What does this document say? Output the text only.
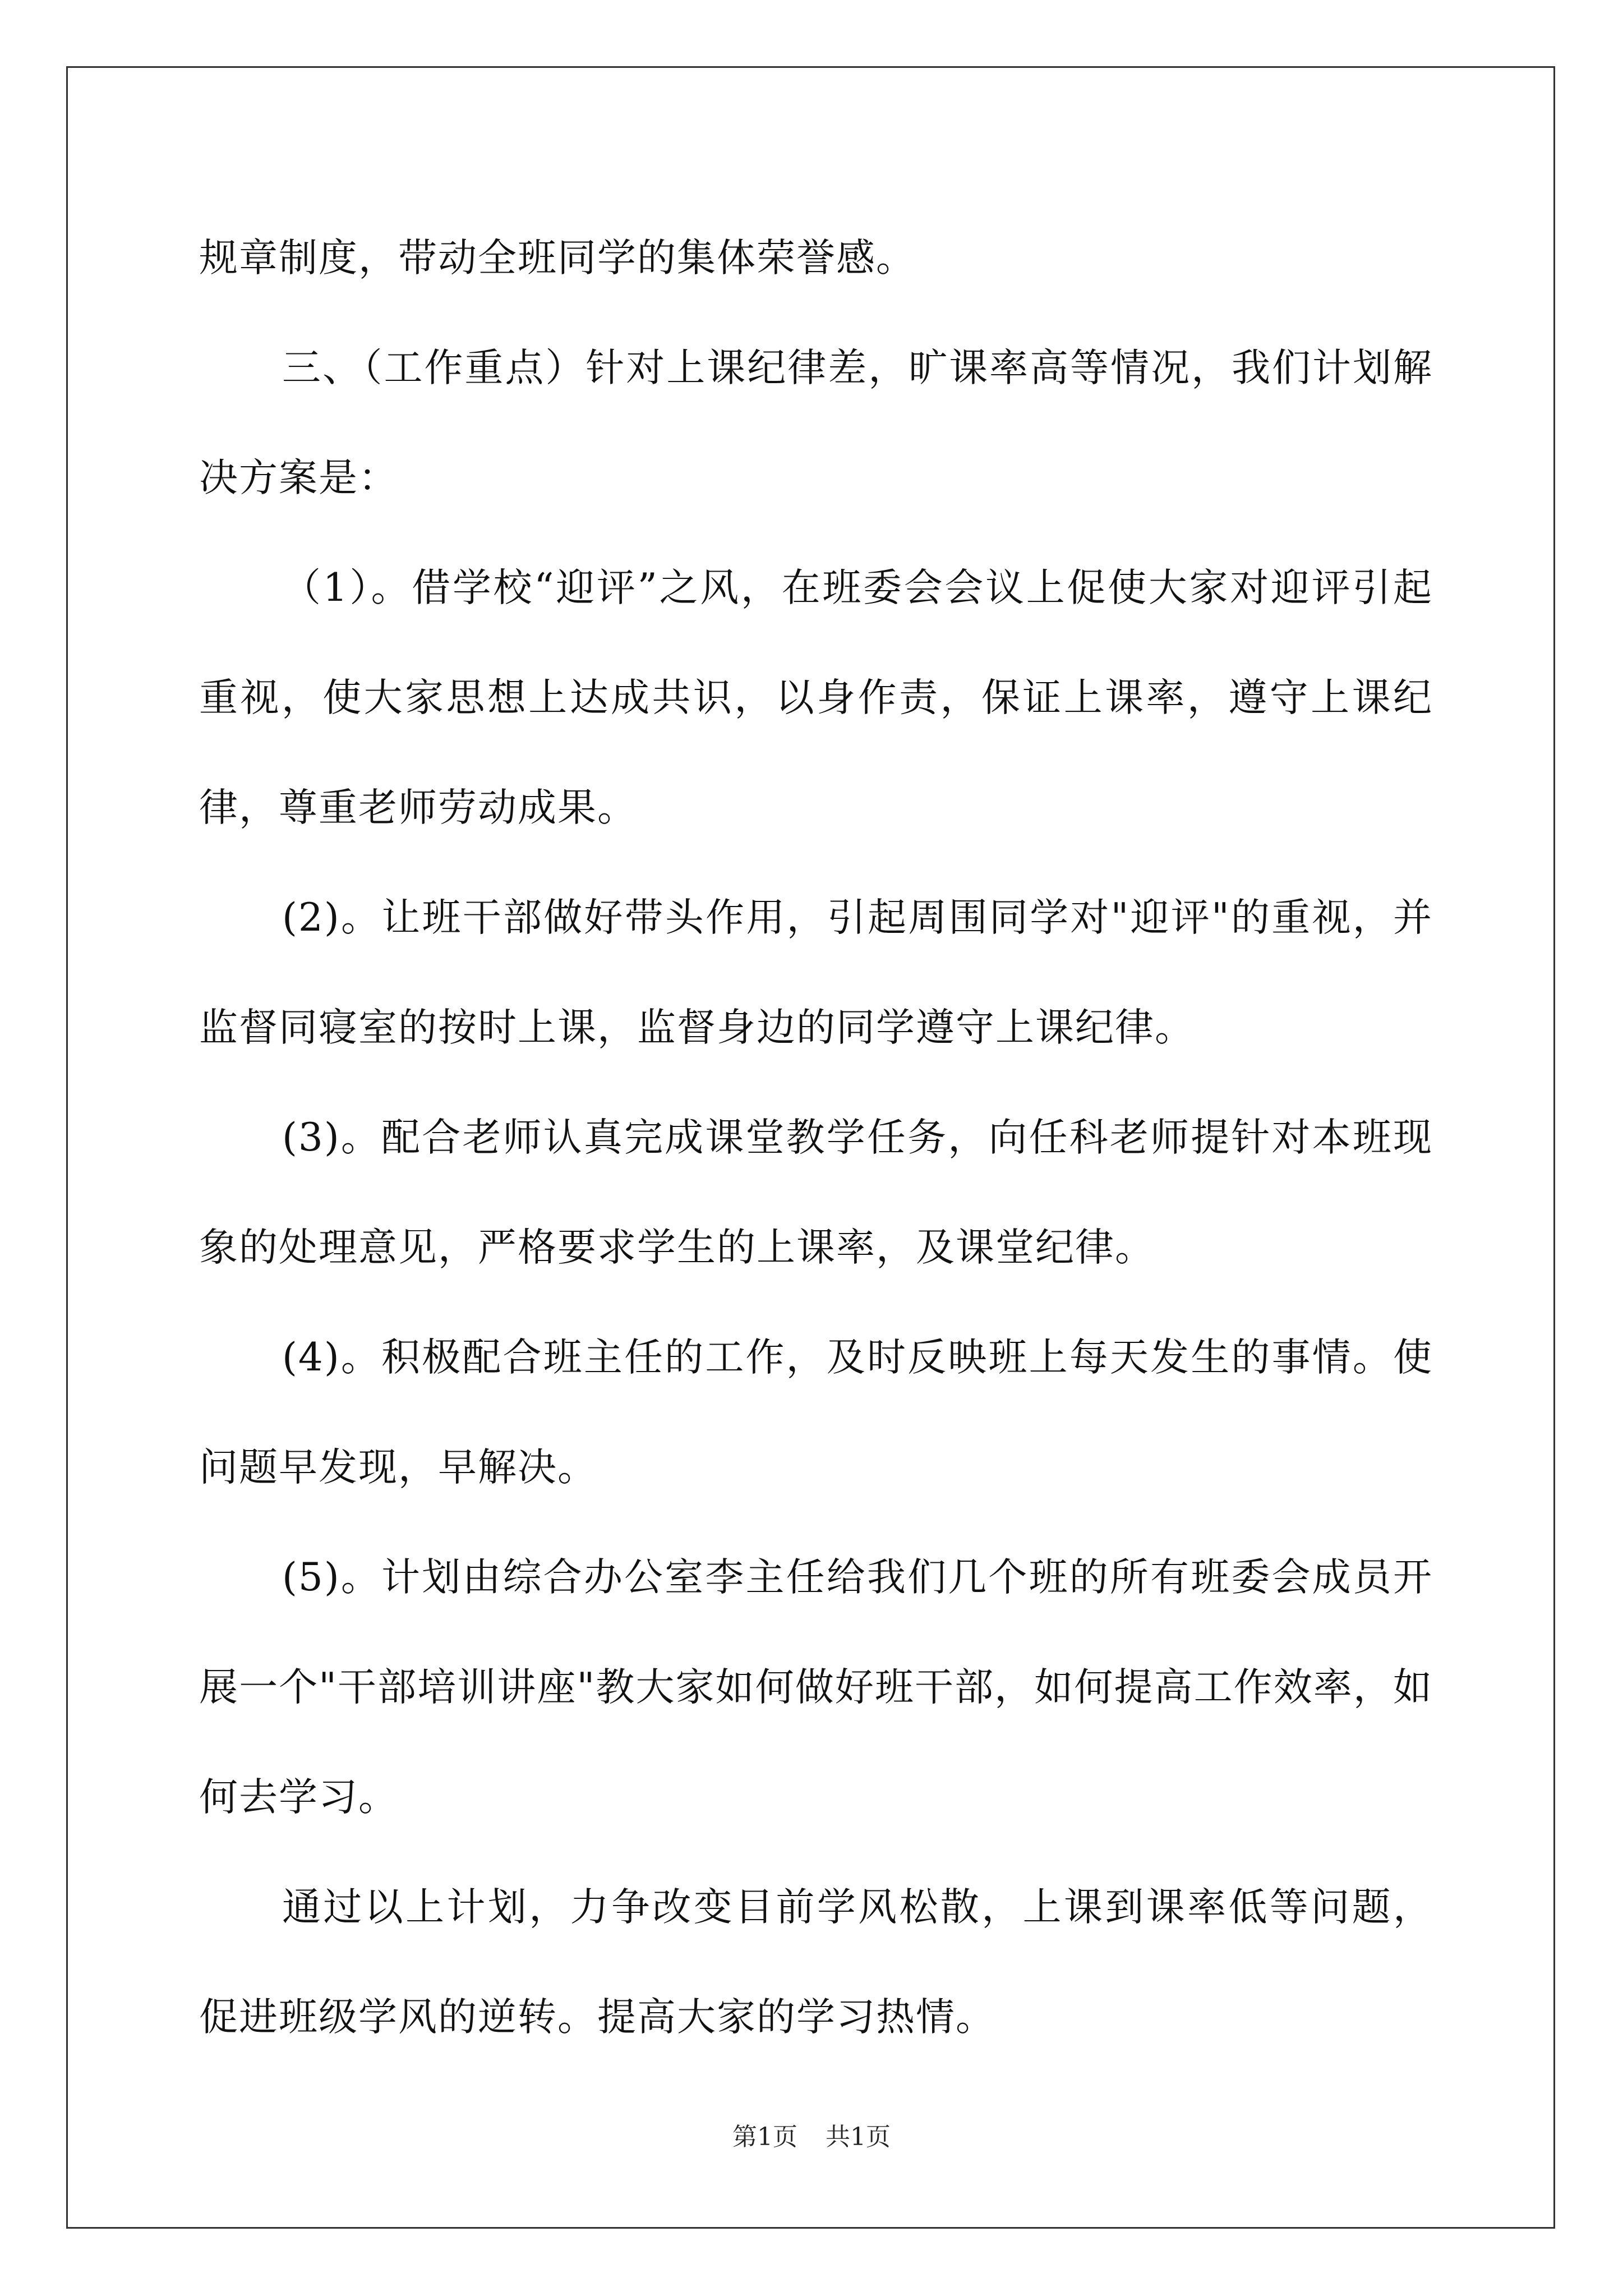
规章制度，带动全班同学的集体荣誉感。

三、（工作重点）针对上课纪律差，旷课率高等情况，我们计划解决方案是：

（1）。借学校“迎评”之风，在班委会会议上促使大家对迎评引起重视，使大家思想上达成共识，以身作责，保证上课率，遵守上课纪律，尊重老师劳动成果。

(2)。让班干部做好带头作用，引起周围同学对"迎评"的重视，并监督同寝室的按时上课，监督身边的同学遵守上课纪律。

(3)。配合老师认真完成课堂教学任务，向任科老师提针对本班现象的处理意见，严格要求学生的上课率，及课堂纪律。

(4)。积极配合班主任的工作，及时反映班上每天发生的事情。使问题早发现，早解决。

(5)。计划由综合办公室李主任给我们几个班的所有班委会成员开展一个"干部培训讲座"教大家如何做好班干部，如何提高工作效率，如何去学习。

通过以上计划，力争改变目前学风松散，上课到课率低等问题，促进班级学风的逆转。提高大家的学习热情。

第1页 共1页
